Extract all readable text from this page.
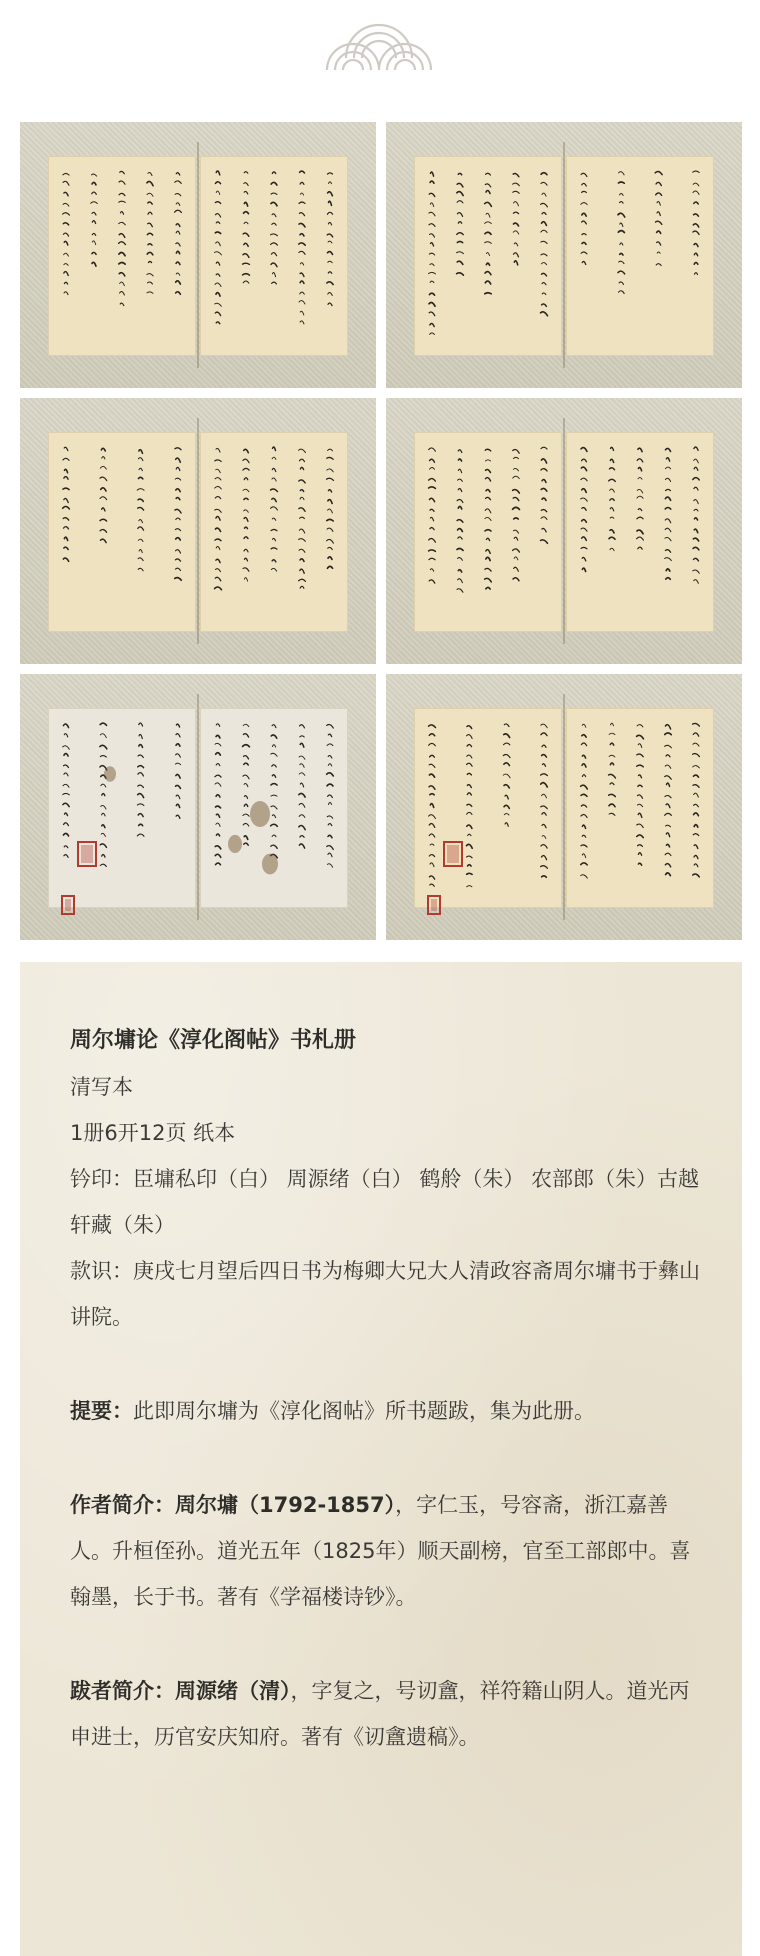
周尔墉论《淳化阁帖》书札册

清写本

1册6开12页 纸本

钤印：臣墉私印（白） 周源绪（白） 鹤舲（朱） 农部郎（朱）古越轩藏（朱）

款识：庚戌七月望后四日书为梅卿大兄大人清政容斋周尔墉书于彝山讲院。

提要：此即周尔墉为《淳化阁帖》所书题跋，集为此册。

作者简介：周尔墉（1792-1857），字仁玉，号容斋，浙江嘉善人。升桓侄孙。道光五年（1825年）顺天副榜，官至工部郎中。喜翰墨，长于书。著有《学福楼诗钞》。

跋者简介：周源绪（清），字复之，号讱盦，祥符籍山阴人。道光丙申进士，历官安庆知府。著有《讱盦遗稿》。
